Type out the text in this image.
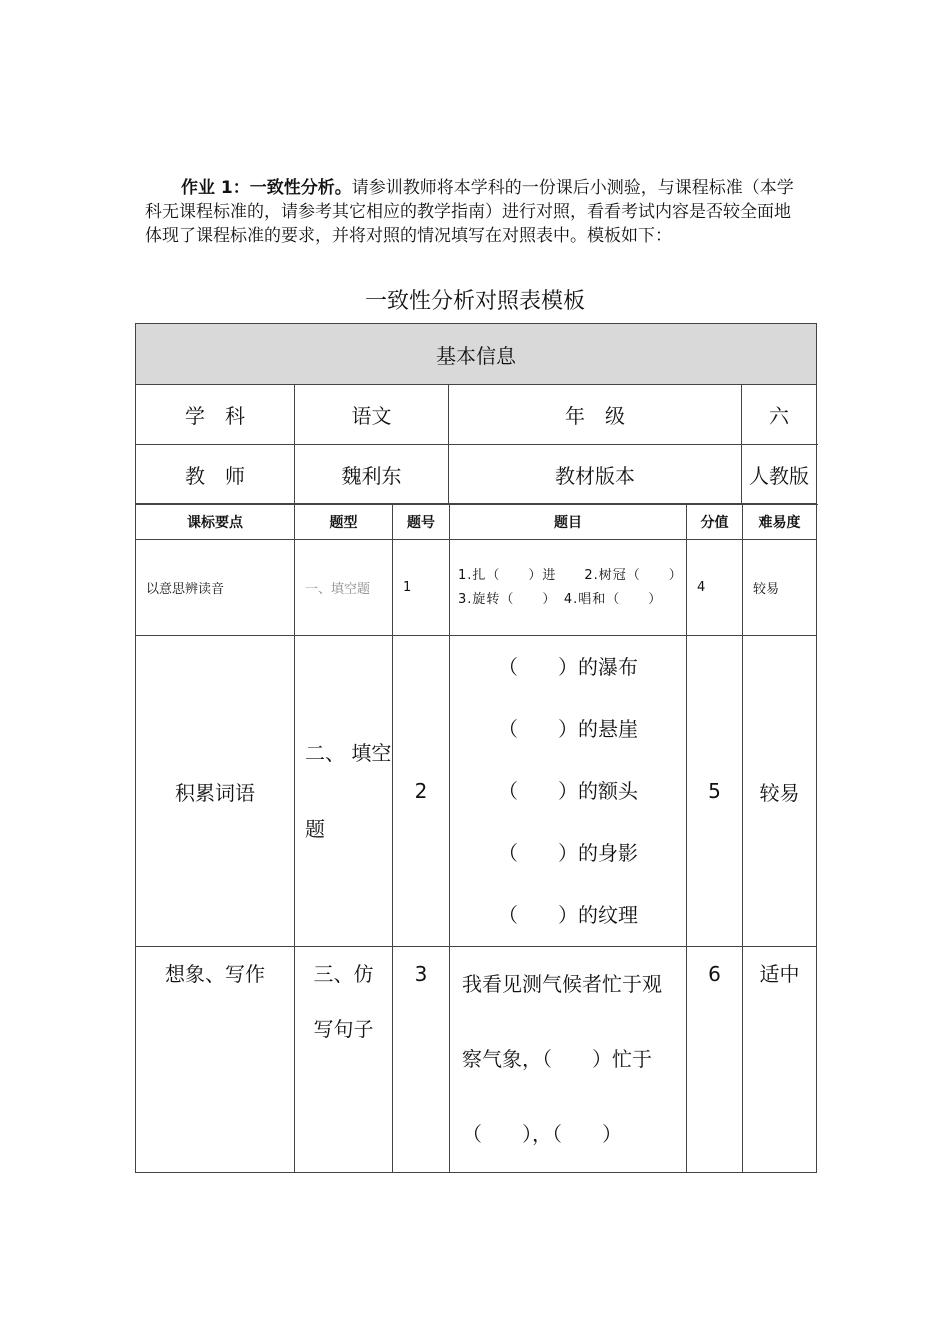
作业 1：一致性分析。请参训教师将本学科的一份课后小测验，与课程标准（本学科无课程标准的，请参考其它相应的教学指南）进行对照，看看考试内容是否较全面地体现了课程标准的要求，并将对照的情况填写在对照表中。模板如下：

一致性分析对照表模板
基本信息			
学　科	语文	年　级	六
教　师	魏利东	教材版本	人教版
课标要点	题型	题号	题目	分值	难易度
以意思辨读音	一、填空题	1	1.扎（　　）进　　2.树冠（　　）3.旋转（　　）　4.唱和（　　）	4	较易
积累词语	二、 填空题	2	（　　）的瀑布
（　　）的悬崖
（　　）的额头
（　　）的身影
（　　）的纹理	5	较易
想象、写作	三、仿写句子	3	我看见测气候者忙于观察气象，（　　）忙于（　　），（　　）	6	适中
